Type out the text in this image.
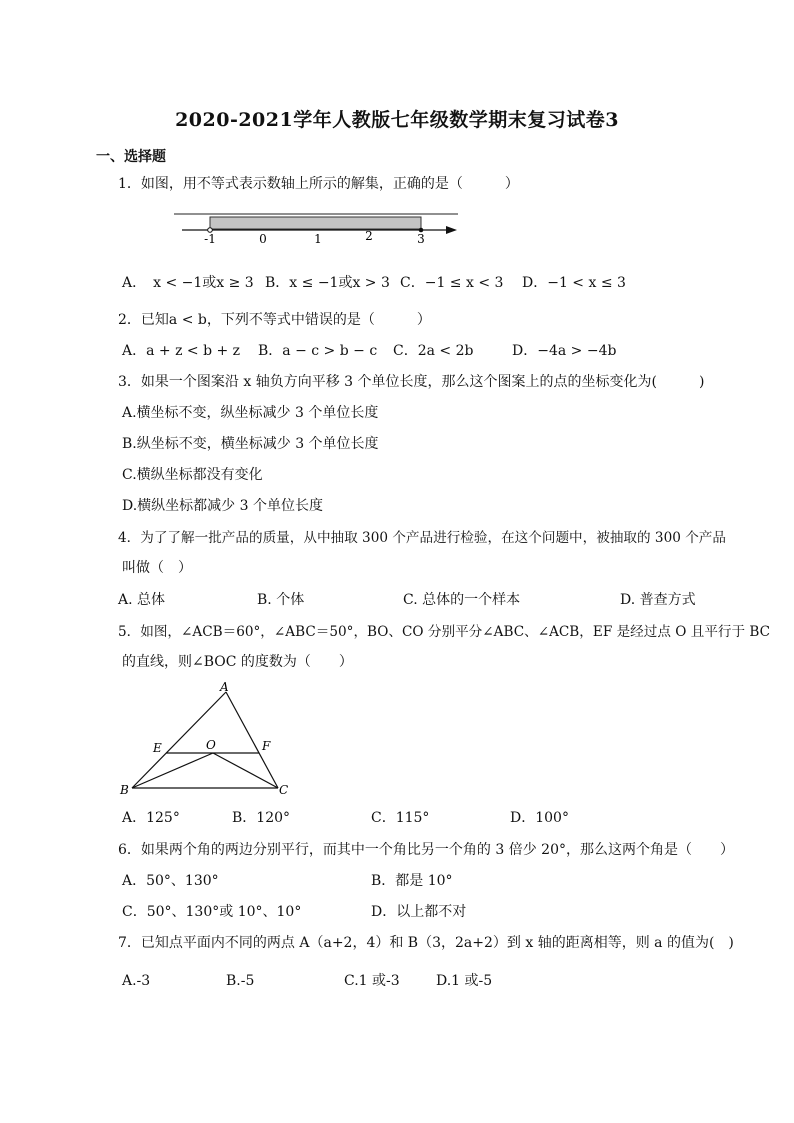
2020-2021学年人教版七年级数学期末复习试卷3
一、选择题
1．如图，用不等式表示数轴上所示的解集，正确的是（　　　）
-1	0	1	2	3
A．　x < −1或x ≥ 3 B．x ≤ −1或x > 3 C．−1 ≤ x < 3 D．−1 < x ≤ 3
2．已知a < b，下列不等式中错误的是（　　　）
A．a + z < b + z B．a − c > b − c C．2a < 2b	D．−4a > −4b
3．如果一个图案沿 x 轴负方向平移 3 个单位长度，那么这个图案上的点的坐标变化为(　　　)
A.横坐标不变，纵坐标减少 3 个单位长度
B.纵坐标不变，横坐标减少 3 个单位长度
C.横纵坐标都没有变化
D.横纵坐标都减少 3 个单位长度
4．为了了解一批产品的质量，从中抽取 300 个产品进行检验，在这个问题中，被抽取的 300 个产品
叫做（　）
A. 总体	B. 个体	C. 总体的一个样本	D. 普查方式
5．如图，∠ACB＝60°，∠ABC＝50°，BO、CO 分别平分∠ABC、∠ACB，EF 是经过点 O 且平行于 BC
的直线，则∠BOC 的度数为（　　）
A
E	O	F
B	C
A．125°	B．120°	C．115°	D．100°
6．如果两个角的两边分别平行，而其中一个角比另一个角的 3 倍少 20°，那么这两个角是（　　）
A．50°、130°	B．都是 10°
C．50°、130°或 10°、10°	D．以上都不对
7．已知点平面内不同的两点 A（a+2，4）和 B（3，2a+2）到 x 轴的距离相等，则 a 的值为(　)
A.-3	B.-5	C.1 或-3	D.1 或-5
